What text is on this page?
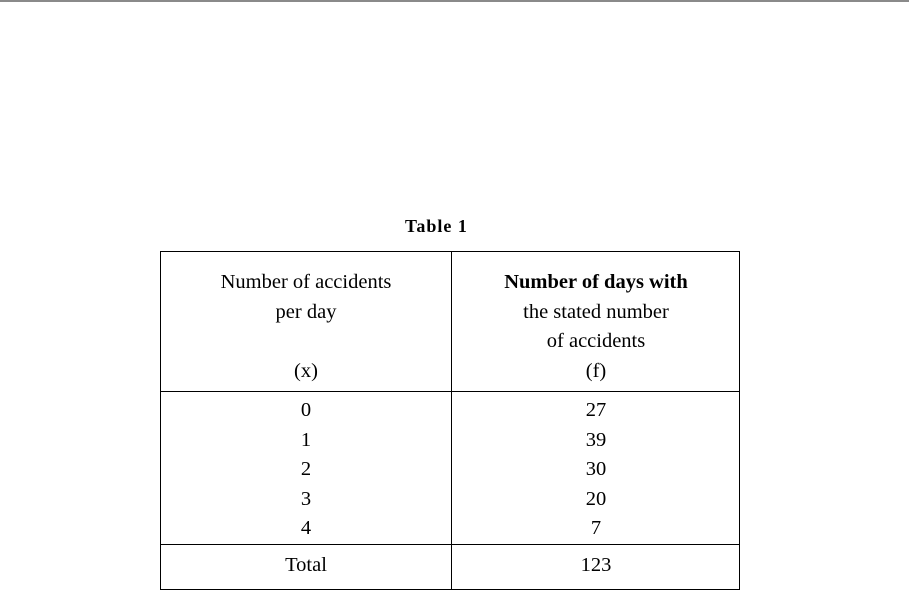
Table 1
Number of accidents
per day
(x)
Number of days with
the stated number
of accidents
(f)
0
1
2
3
4
27
39
30
20
7
Total	123
